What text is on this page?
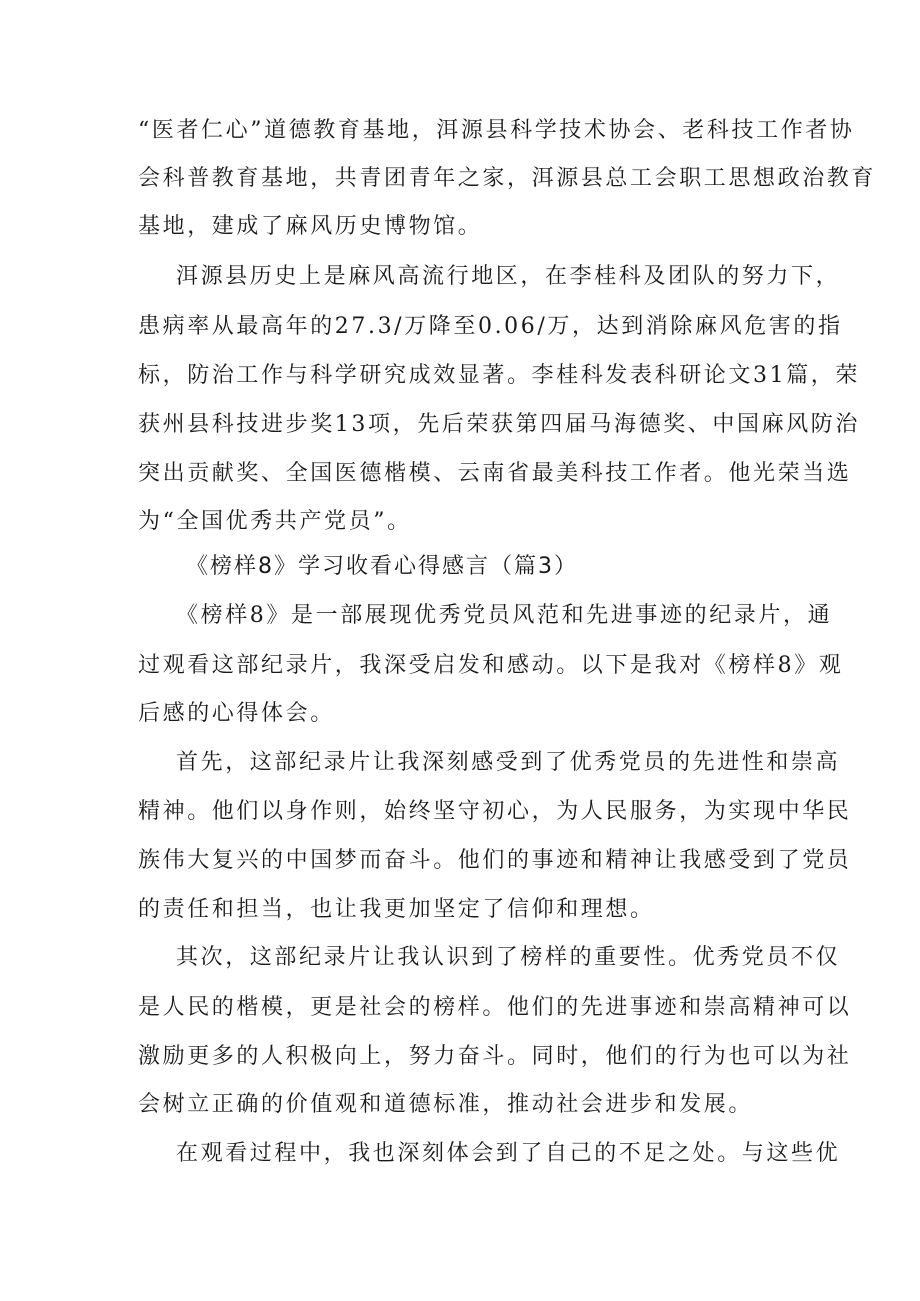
“医者仁心”道德教育基地，洱源县科学技术协会、老科技工作者协
会科普教育基地，共青团青年之家，洱源县总工会职工思想政治教育
基地，建成了麻风历史博物馆。
洱源县历史上是麻风高流行地区，在李桂科及团队的努力下，
患病率从最高年的27.3/万降至0.06/万，达到消除麻风危害的指
标，防治工作与科学研究成效显著。李桂科发表科研论文31篇，荣
获州县科技进步奖13项，先后荣获第四届马海德奖、中国麻风防治
突出贡献奖、全国医德楷模、云南省最美科技工作者。他光荣当选
为“全国优秀共产党员”。
《榜样8》学习收看心得感言（篇3）
《榜样8》是一部展现优秀党员风范和先进事迹的纪录片，通
过观看这部纪录片，我深受启发和感动。以下是我对《榜样8》观
后感的心得体会。
首先，这部纪录片让我深刻感受到了优秀党员的先进性和崇高
精神。他们以身作则，始终坚守初心，为人民服务，为实现中华民
族伟大复兴的中国梦而奋斗。他们的事迹和精神让我感受到了党员
的责任和担当，也让我更加坚定了信仰和理想。
其次，这部纪录片让我认识到了榜样的重要性。优秀党员不仅
是人民的楷模，更是社会的榜样。他们的先进事迹和崇高精神可以
激励更多的人积极向上，努力奋斗。同时，他们的行为也可以为社
会树立正确的价值观和道德标准，推动社会进步和发展。
在观看过程中，我也深刻体会到了自己的不足之处。与这些优
